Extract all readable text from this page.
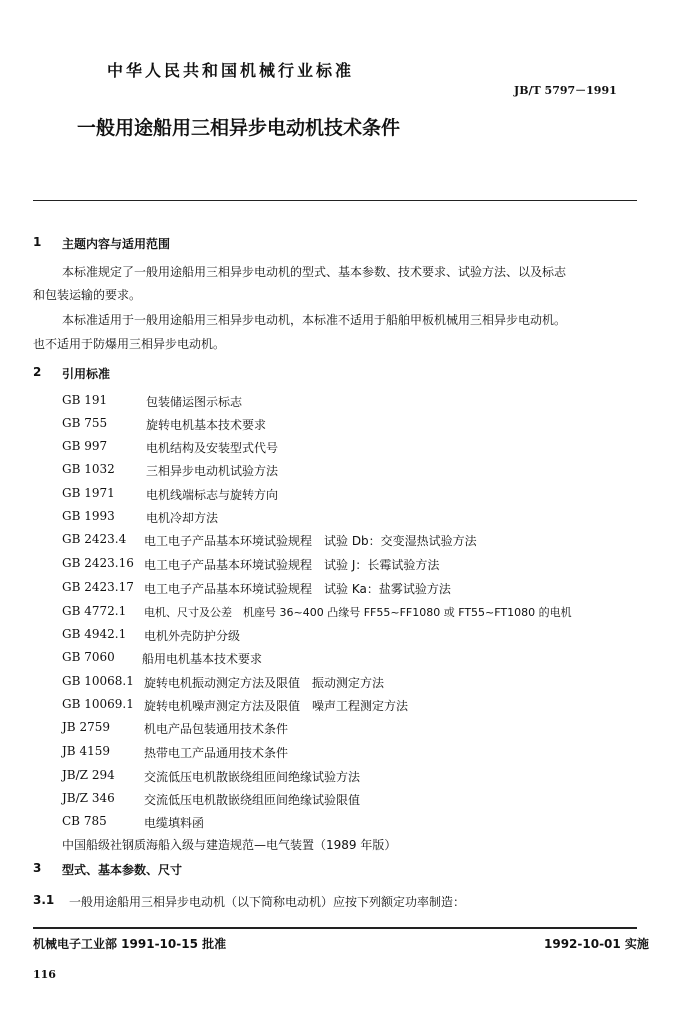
中华人民共和国机械行业标准
JB/T 5797－1991
一般用途船用三相异步电动机技术条件
1 主题内容与适用范围
本标准规定了一般用途船用三相异步电动机的型式、基本参数、技术要求、试验方法、以及标志
和包装运输的要求。
本标准适用于一般用途船用三相异步电动机，本标准不适用于船舶甲板机械用三相异步电动机。
也不适用于防爆用三相异步电动机。
2 引用标准
GB 191	包装储运图示标志
GB 755	旋转电机基本技术要求
GB 997	电机结构及安装型式代号
GB 1032	三相异步电动机试验方法
GB 1971	电机线端标志与旋转方向
GB 1993	电机冷却方法
GB 2423.4 电工电子产品基本环境试验规程　试验 Db：交变湿热试验方法
GB 2423.16 电工电子产品基本环境试验规程　试验 J：长霉试验方法
GB 2423.17 电工电子产品基本环境试验规程　试验 Ka：盐雾试验方法
GB 4772.1 电机、尺寸及公差　机座号 36~400 凸缘号 FF55~FF1080 或 FT55~FT1080 的电机
GB 4942.1 电机外壳防护分级
GB 7060 船用电机基本技术要求
GB 10068.1 旋转电机振动测定方法及限值　振动测定方法
GB 10069.1 旋转电机噪声测定方法及限值　噪声工程测定方法
JB 2759	机电产品包装通用技术条件
JB 4159	热带电工产品通用技术条件
JB/Z 294 交流低压电机散嵌绕组匝间绝缘试验方法
JB/Z 346 交流低压电机散嵌绕组匝间绝缘试验限值
CB 785	电缆填料函
中国船级社钢质海船入级与建造规范—电气装置（1989 年版）
3 型式、基本参数、尺寸
3.1 一般用途船用三相异步电动机（以下简称电动机）应按下列额定功率制造：
机械电子工业部 1991-10-15 批准	1992-10-01 实施
116
